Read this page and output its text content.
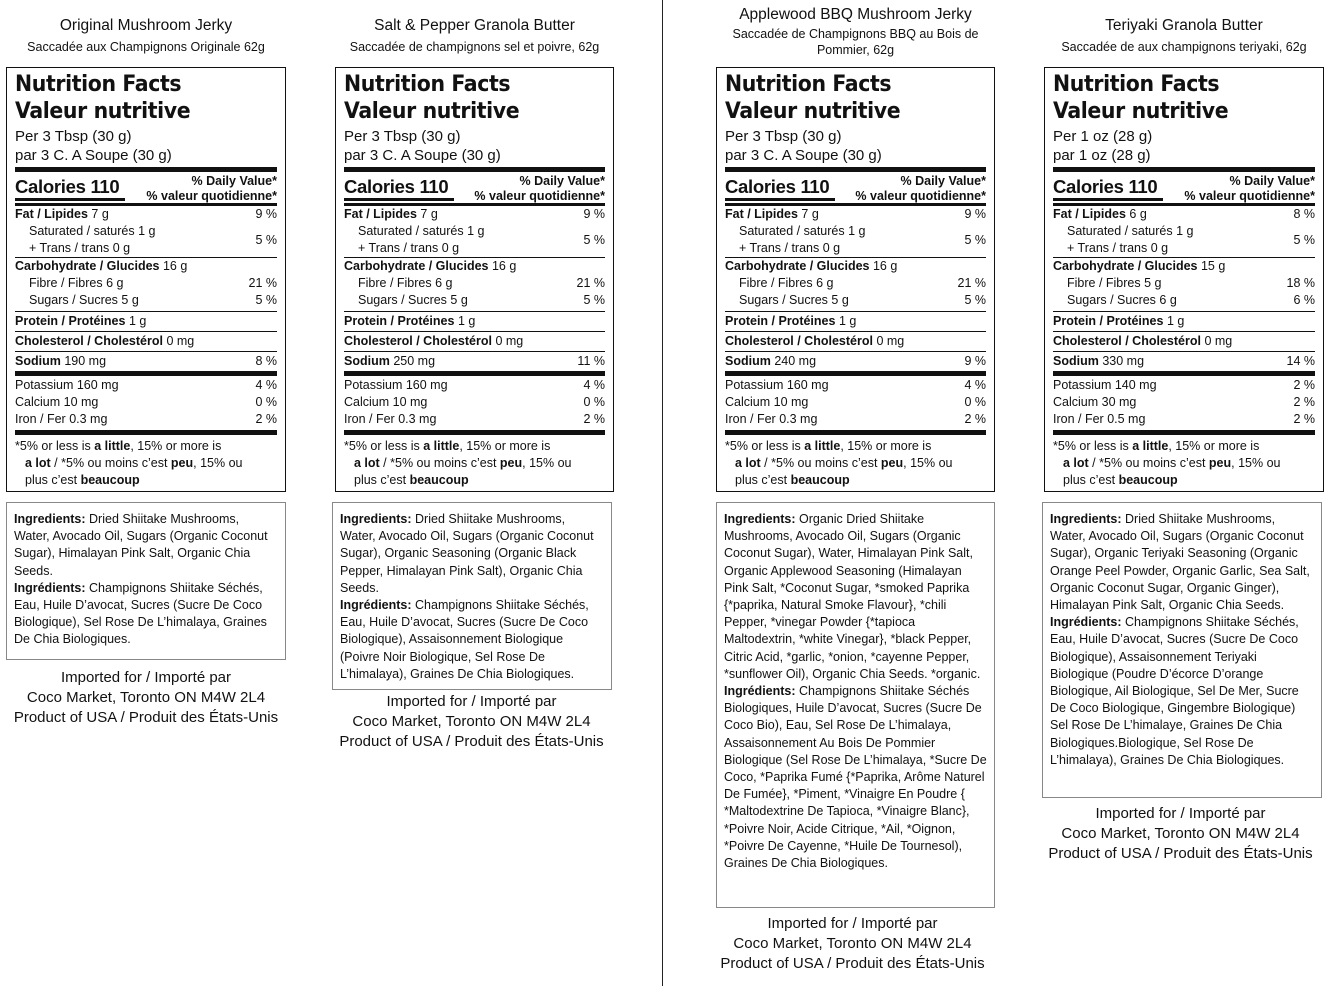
Original Mushroom Jerky
Saccadée aux Champignons Originale 62g
Nutrition Facts
Valeur nutritive
Per 3 Tbsp (30 g)
par 3 C. A Soupe (30 g)
Calories 110	% Daily Value*
% valeur quotidienne*
Fat / Lipides 7 g	9 %
Saturated / saturés 1 g
+ Trans / trans 0 g
5 %
Carbohydrate / Glucides 16 g
Fibre / Fibres 6 g	21 %
Sugars / Sucres 5 g	5 %
Protein / Protéines 1 g
Cholesterol / Cholestérol 0 mg
Sodium 190 mg	8 %
Potassium 160 mg	4 %
Calcium 10 mg	0 %
Iron / Fer 0.3 mg	2 %
*5% or less is a little, 15% or more is
a lot / *5% ou moins c’est peu, 15% ou
plus c’est beaucoup
Ingredients: Dried Shiitake Mushrooms, Water, Avocado Oil, Sugars (Organic Coconut Sugar), Himalayan Pink Salt, Organic Chia Seeds.
Ingrédients: Champignons Shiitake Séchés, Eau, Huile D’avocat, Sucres (Sucre De Coco Biologique), Sel Rose De L’himalaya, Graines De Chia Biologiques.
Imported for / Importé par
Coco Market, Toronto ON M4W 2L4
Product of USA / Produit des États-Unis
Salt & Pepper Granola Butter
Saccadée de champignons sel et poivre, 62g
Nutrition Facts
Valeur nutritive
Per 3 Tbsp (30 g)
par 3 C. A Soupe (30 g)
Calories 110	% Daily Value*
% valeur quotidienne*
Fat / Lipides 7 g	9 %
Saturated / saturés 1 g
+ Trans / trans 0 g
5 %
Carbohydrate / Glucides 16 g
Fibre / Fibres 6 g	21 %
Sugars / Sucres 5 g	5 %
Protein / Protéines 1 g
Cholesterol / Cholestérol 0 mg
Sodium 250 mg	11 %
Potassium 160 mg	4 %
Calcium 10 mg	0 %
Iron / Fer 0.3 mg	2 %
*5% or less is a little, 15% or more is
a lot / *5% ou moins c’est peu, 15% ou
plus c’est beaucoup
Ingredients: Dried Shiitake Mushrooms, Water, Avocado Oil, Sugars (Organic Coconut Sugar), Organic Seasoning (Organic Black Pepper, Himalayan Pink Salt), Organic Chia Seeds.
Ingrédients: Champignons Shiitake Séchés, Eau, Huile D’avocat, Sucres (Sucre De Coco Biologique), Assaisonnement Biologique (Poivre Noir Biologique, Sel Rose De L’himalaya), Graines De Chia Biologiques.
Imported for / Importé par
Coco Market, Toronto ON M4W 2L4
Product of USA / Produit des États-Unis
Applewood BBQ Mushroom Jerky
Saccadée de Champignons BBQ au Bois de Pommier, 62g
Nutrition Facts
Valeur nutritive
Per 3 Tbsp (30 g)
par 3 C. A Soupe (30 g)
Calories 110	% Daily Value*
% valeur quotidienne*
Fat / Lipides 7 g	9 %
Saturated / saturés 1 g
+ Trans / trans 0 g
5 %
Carbohydrate / Glucides 16 g
Fibre / Fibres 6 g	21 %
Sugars / Sucres 5 g	5 %
Protein / Protéines 1 g
Cholesterol / Cholestérol 0 mg
Sodium 240 mg	9 %
Potassium 160 mg	4 %
Calcium 10 mg	0 %
Iron / Fer 0.3 mg	2 %
*5% or less is a little, 15% or more is
a lot / *5% ou moins c’est peu, 15% ou
plus c’est beaucoup
Ingredients: Organic Dried Shiitake Mushrooms, Avocado Oil, Sugars (Organic Coconut Sugar), Water, Himalayan Pink Salt, Organic Applewood Seasoning (Himalayan Pink Salt, *Coconut Sugar, *smoked Paprika {*paprika, Natural Smoke Flavour}, *chili Pepper, *vinegar Powder {*tapioca Maltodextrin, *white Vinegar}, *black Pepper, Citric Acid, *garlic, *onion, *cayenne Pepper, *sunflower Oil), Organic Chia Seeds. *organic.
Ingrédients: Champignons Shiitake Séchés Biologiques, Huile D’avocat, Sucres (Sucre De Coco Bio), Eau, Sel Rose De L’himalaya, Assaisonnement Au Bois De Pommier Biologique (Sel Rose De L’himalaya, *Sucre De Coco, *Paprika Fumé {*Paprika, Arôme Naturel De Fumée}, *Piment, *Vinaigre En Poudre { *Maltodextrine De Tapioca, *Vinaigre Blanc}, *Poivre Noir, Acide Citrique, *Ail, *Oignon, *Poivre De Cayenne, *Huile De Tournesol), Graines De Chia Biologiques.
Imported for / Importé par
Coco Market, Toronto ON M4W 2L4
Product of USA / Produit des États-Unis
Teriyaki Granola Butter
Saccadée de aux champignons teriyaki, 62g
Nutrition Facts
Valeur nutritive
Per 1 oz (28 g)
par 1 oz (28 g)
Calories 110	% Daily Value*
% valeur quotidienne*
Fat / Lipides 6 g	8 %
Saturated / saturés 1 g
+ Trans / trans 0 g
5 %
Carbohydrate / Glucides 15 g
Fibre / Fibres 5 g	18 %
Sugars / Sucres 6 g	6 %
Protein / Protéines 1 g
Cholesterol / Cholestérol 0 mg
Sodium 330 mg	14 %
Potassium 140 mg	2 %
Calcium 30 mg	2 %
Iron / Fer 0.5 mg	2 %
*5% or less is a little, 15% or more is
a lot / *5% ou moins c’est peu, 15% ou
plus c’est beaucoup
Ingredients: Dried Shiitake Mushrooms, Water, Avocado Oil, Sugars (Organic Coconut Sugar), Organic Teriyaki Seasoning (Organic Orange Peel Powder, Organic Garlic, Sea Salt, Organic Coconut Sugar, Organic Ginger), Himalayan Pink Salt, Organic Chia Seeds.
Ingrédients: Champignons Shiitake Séchés, Eau, Huile D’avocat, Sucres (Sucre De Coco Biologique), Assaisonnement Teriyaki Biologique (Poudre D’écorce D’orange Biologique, Ail Biologique, Sel De Mer, Sucre De Coco Biologique, Gingembre Biologique) Sel Rose De L’himalaye, Graines De Chia Biologiques.Biologique, Sel Rose De L’himalaya), Graines De Chia Biologiques.
Imported for / Importé par
Coco Market, Toronto ON M4W 2L4
Product of USA / Produit des États-Unis
